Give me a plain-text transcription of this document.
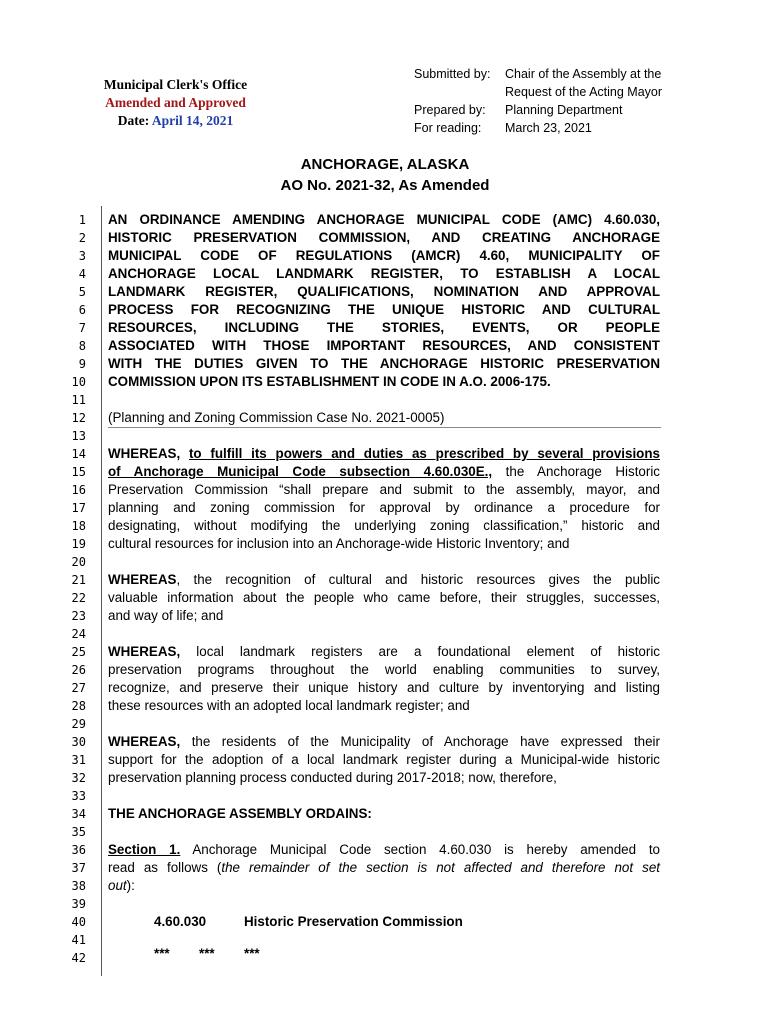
Municipal Clerk's Office
Amended and Approved
Date: April 14, 2021
Submitted by: Chair of the Assembly at the
Request of the Acting Mayor
Prepared by: Planning Department
For reading: March 23, 2021
ANCHORAGE, ALASKA
AO No. 2021-32, As Amended
1
2
3
4
5
6
7
8
9
10
11
12
13
14
15
16
17
18
19
20
21
22
23
24
25
26
27
28
29
30
31
32
33
34
35
36
37
38
39
40
41
42
AN ORDINANCE AMENDING ANCHORAGE MUNICIPAL CODE (AMC) 4.60.030,
HISTORIC PRESERVATION COMMISSION, AND CREATING ANCHORAGE
MUNICIPAL CODE OF REGULATIONS (AMCR) 4.60, MUNICIPALITY OF
ANCHORAGE LOCAL LANDMARK REGISTER, TO ESTABLISH A LOCAL
LANDMARK REGISTER, QUALIFICATIONS, NOMINATION AND APPROVAL
PROCESS FOR RECOGNIZING THE UNIQUE HISTORIC AND CULTURAL
RESOURCES, INCLUDING THE STORIES, EVENTS, OR PEOPLE
ASSOCIATED WITH THOSE IMPORTANT RESOURCES, AND CONSISTENT
WITH THE DUTIES GIVEN TO THE ANCHORAGE HISTORIC PRESERVATION
COMMISSION UPON ITS ESTABLISHMENT IN CODE IN A.O. 2006-175.
(Planning and Zoning Commission Case No. 2021-0005)
WHEREAS, to fulfill its powers and duties as prescribed by several provisions
of Anchorage Municipal Code subsection 4.60.030E., the Anchorage Historic
Preservation Commission “shall prepare and submit to the assembly, mayor, and
planning and zoning commission for approval by ordinance a procedure for
designating, without modifying the underlying zoning classification,” historic and
cultural resources for inclusion into an Anchorage-wide Historic Inventory; and
WHEREAS, the recognition of cultural and historic resources gives the public
valuable information about the people who came before, their struggles, successes,
and way of life; and
WHEREAS, local landmark registers are a foundational element of historic
preservation programs throughout the world enabling communities to survey,
recognize, and preserve their unique history and culture by inventorying and listing
these resources with an adopted local landmark register; and
WHEREAS, the residents of the Municipality of Anchorage have expressed their
support for the adoption of a local landmark register during a Municipal-wide historic
preservation planning process conducted during 2017-2018; now, therefore,
THE ANCHORAGE ASSEMBLY ORDAINS:
Section 1. Anchorage Municipal Code section 4.60.030 is hereby amended to
read as follows (the remainder of the section is not affected and therefore not set
out):
4.60.030	Historic Preservation Commission
*** *** ***
